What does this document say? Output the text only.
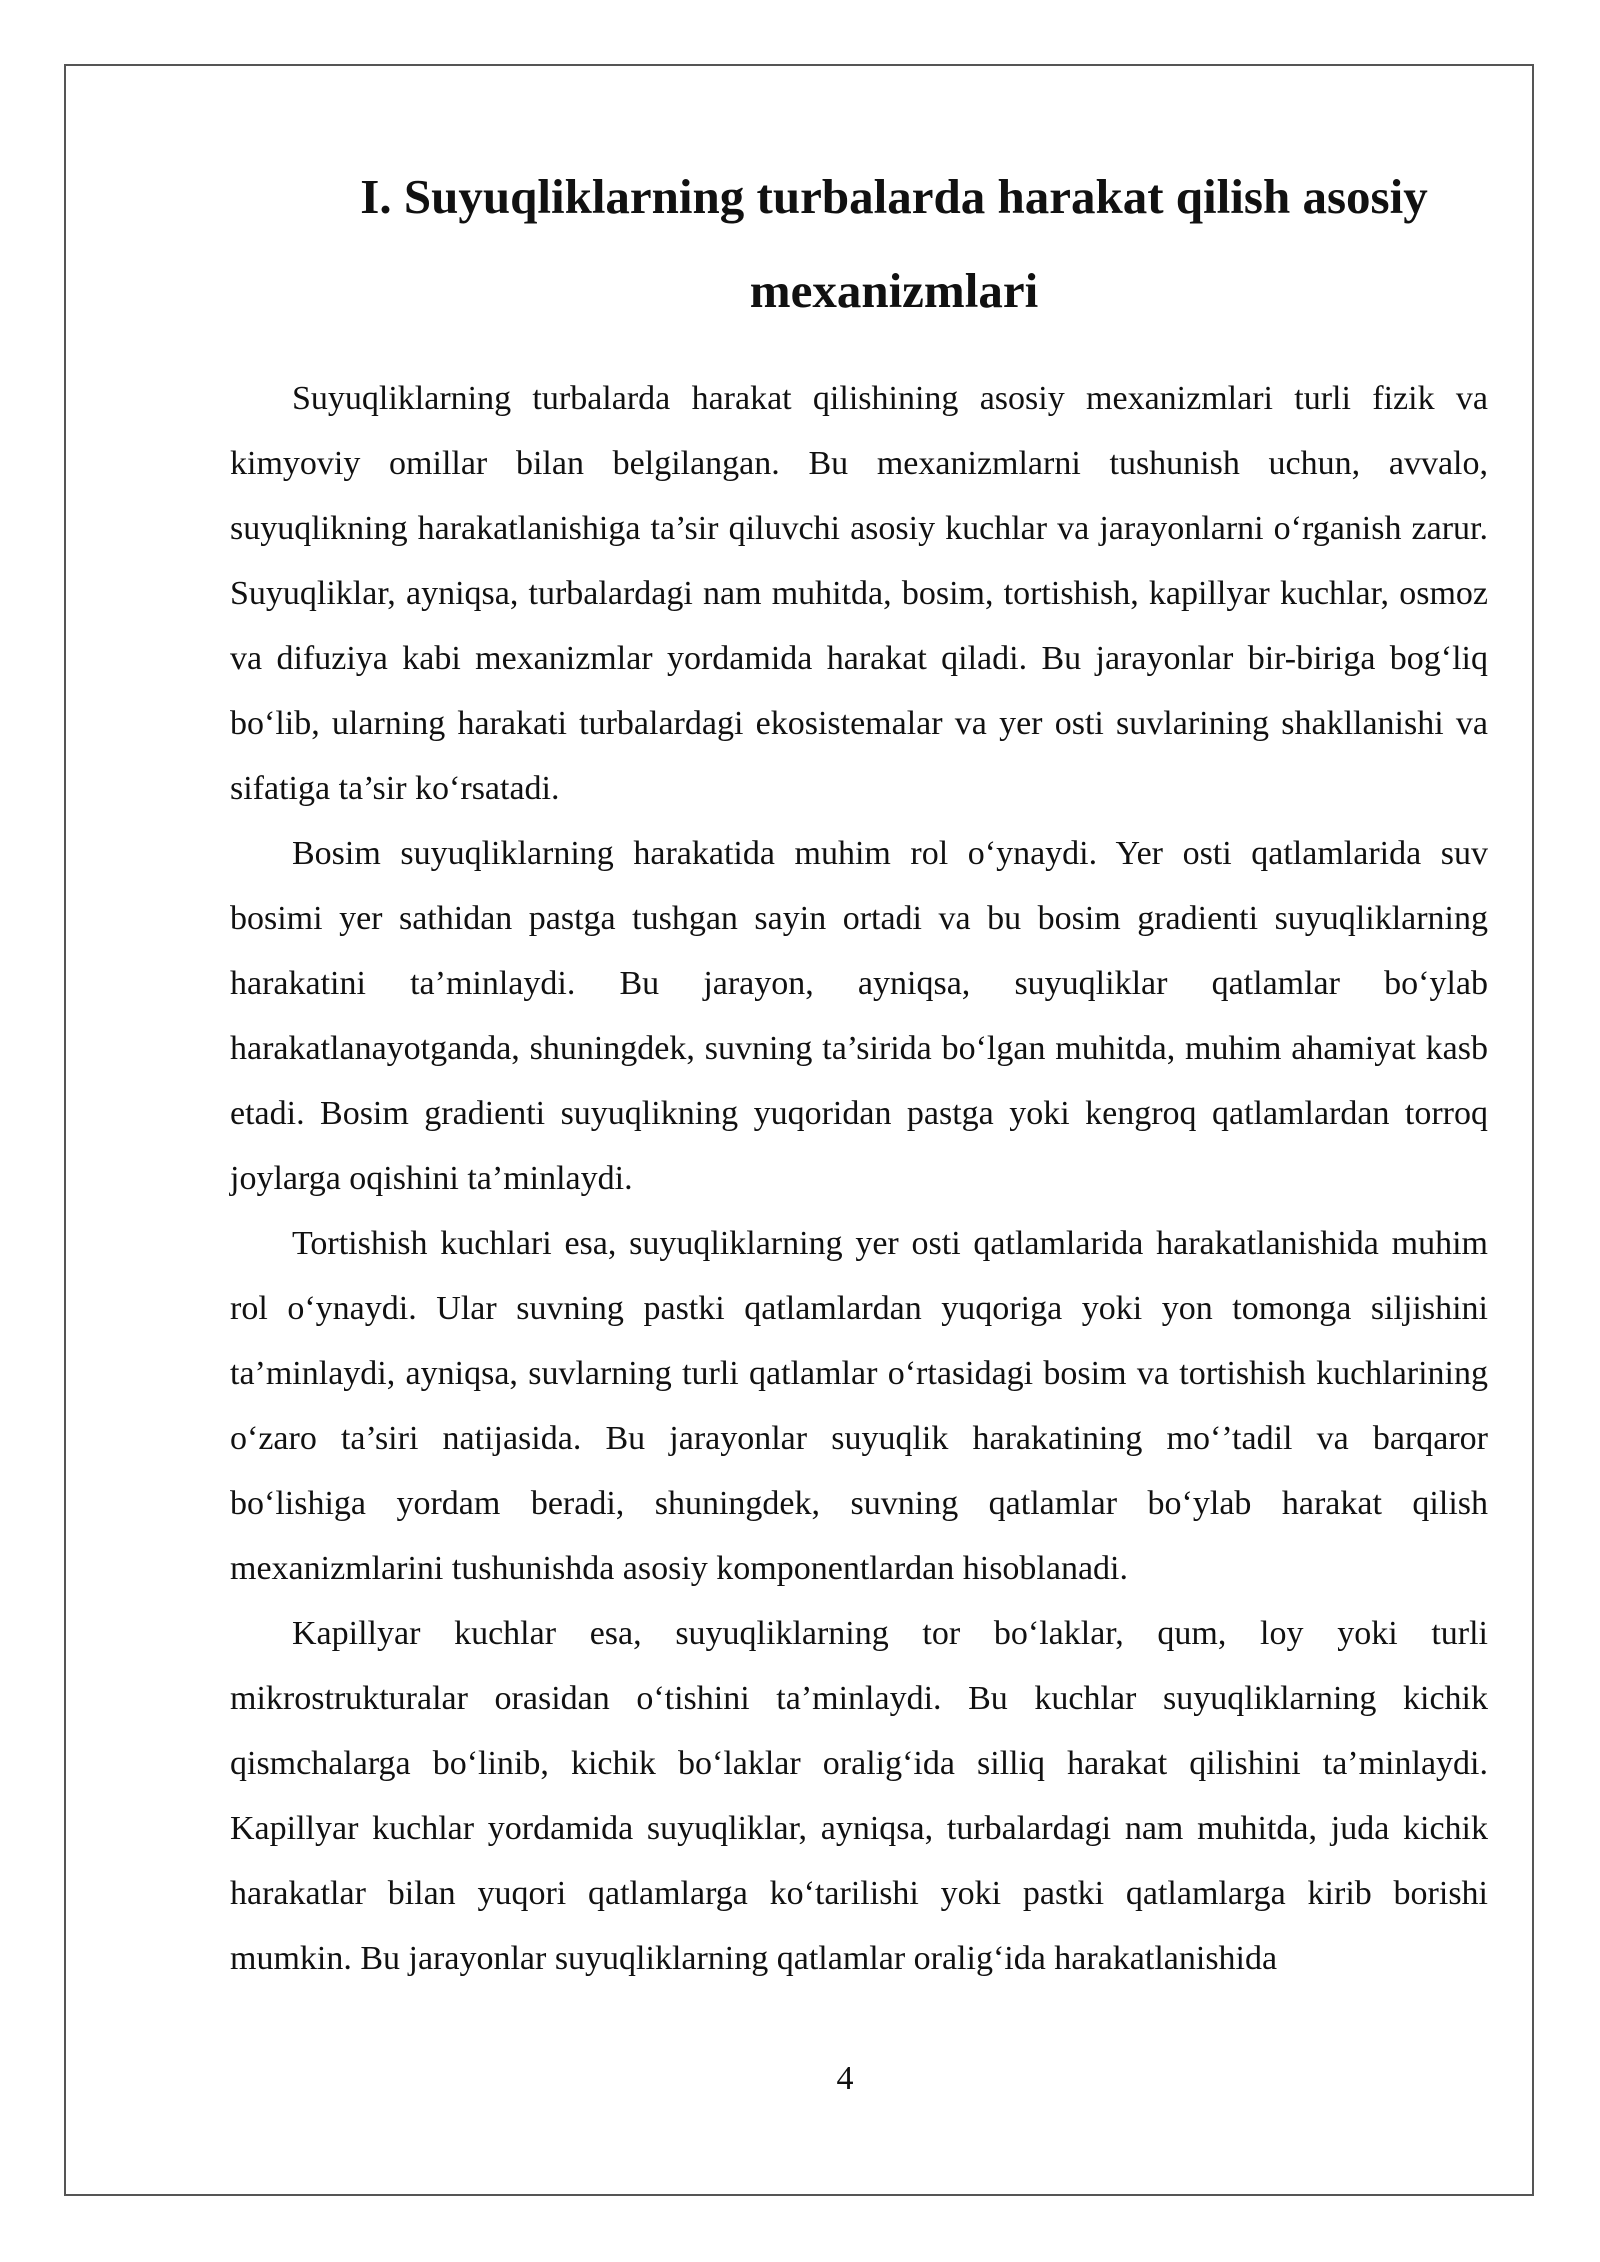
I. Suyuqliklarning turbalarda harakat qilish asosiy mexanizmlari

Suyuqliklarning turbalarda harakat qilishining asosiy mexanizmlari turli fizik va kimyoviy omillar bilan belgilangan. Bu mexanizmlarni tushunish uchun, avvalo, suyuqlikning harakatlanishiga ta’sir qiluvchi asosiy kuchlar va jarayonlarni o‘rganish zarur. Suyuqliklar, ayniqsa, turbalardagi nam muhitda, bosim, tortishish, kapillyar kuchlar, osmoz va difuziya kabi mexanizmlar yordamida harakat qiladi. Bu jarayonlar bir-biriga bog‘liq bo‘lib, ularning harakati turbalardagi ekosistemalar va yer osti suvlarining shakllanishi va sifatiga ta’sir ko‘rsatadi.

Bosim suyuqliklarning harakatida muhim rol o‘ynaydi. Yer osti qatlamlarida suv bosimi yer sathidan pastga tushgan sayin ortadi va bu bosim gradienti suyuqliklarning harakatini ta’minlaydi. Bu jarayon, ayniqsa, suyuqliklar qatlamlar bo‘ylab harakatlanayotganda, shuningdek, suvning ta’sirida bo‘lgan muhitda, muhim ahamiyat kasb etadi. Bosim gradienti suyuqlikning yuqoridan pastga yoki kengroq qatlamlardan torroq joylarga oqishini ta’minlaydi.

Tortishish kuchlari esa, suyuqliklarning yer osti qatlamlarida harakatlanishida muhim rol o‘ynaydi. Ular suvning pastki qatlamlardan yuqoriga yoki yon tomonga siljishini ta’minlaydi, ayniqsa, suvlarning turli qatlamlar o‘rtasidagi bosim va tortishish kuchlarining o‘zaro ta’siri natijasida. Bu jarayonlar suyuqlik harakatining mo‘’tadil va barqaror bo‘lishiga yordam beradi, shuningdek, suvning qatlamlar bo‘ylab harakat qilish mexanizmlarini tushunishda asosiy komponentlardan hisoblanadi.

Kapillyar kuchlar esa, suyuqliklarning tor bo‘laklar, qum, loy yoki turli mikrostrukturalar orasidan o‘tishini ta’minlaydi. Bu kuchlar suyuqliklarning kichik qismchalarga bo‘linib, kichik bo‘laklar oralig‘ida silliq harakat qilishini ta’minlaydi. Kapillyar kuchlar yordamida suyuqliklar, ayniqsa, turbalardagi nam muhitda, juda kichik harakatlar bilan yuqori qatlamlarga ko‘tarilishi yoki pastki qatlamlarga kirib borishi mumkin. Bu jarayonlar suyuqliklarning qatlamlar oralig‘ida harakatlanishida

4
